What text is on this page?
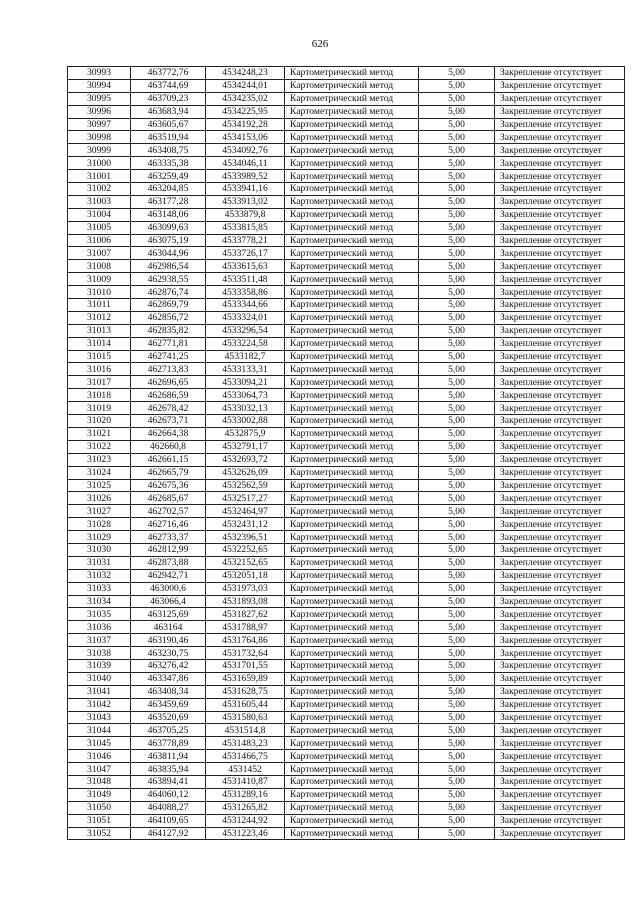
626
30993	463772,76	4534248,23	Картометрический метод	5,00	Закрепление отсутствует
30994	463744,69	4534244,01	Картометрический метод	5,00	Закрепление отсутствует
30995	463709,23	4534235,02	Картометрический метод	5,00	Закрепление отсутствует
30996	463683,94	4534225,95	Картометрический метод	5,00	Закрепление отсутствует
30997	463605,67	4534192,28	Картометрический метод	5,00	Закрепление отсутствует
30998	463519,94	4534153,06	Картометрический метод	5,00	Закрепление отсутствует
30999	463408,75	4534092,76	Картометрический метод	5,00	Закрепление отсутствует
31000	463335,38	4534046,11	Картометрический метод	5,00	Закрепление отсутствует
31001	463259,49	4533989,52	Картометрический метод	5,00	Закрепление отсутствует
31002	463204,85	4533941,16	Картометрический метод	5,00	Закрепление отсутствует
31003	463177,28	4533913,02	Картометрический метод	5,00	Закрепление отсутствует
31004	463148,06	4533879,8	Картометрический метод	5,00	Закрепление отсутствует
31005	463099,63	4533815,85	Картометрический метод	5,00	Закрепление отсутствует
31006	463075,19	4533778,21	Картометрический метод	5,00	Закрепление отсутствует
31007	463044,96	4533726,17	Картометрический метод	5,00	Закрепление отсутствует
31008	462986,54	4533615,63	Картометрический метод	5,00	Закрепление отсутствует
31009	462938,55	4533511,48	Картометрический метод	5,00	Закрепление отсутствует
31010	462876,74	4533358,86	Картометрический метод	5,00	Закрепление отсутствует
31011	462869,79	4533344,66	Картометрический метод	5,00	Закрепление отсутствует
31012	462856,72	4533324,01	Картометрический метод	5,00	Закрепление отсутствует
31013	462835,82	4533296,54	Картометрический метод	5,00	Закрепление отсутствует
31014	462771,81	4533224,58	Картометрический метод	5,00	Закрепление отсутствует
31015	462741,25	4533182,7	Картометрический метод	5,00	Закрепление отсутствует
31016	462713,83	4533133,31	Картометрический метод	5,00	Закрепление отсутствует
31017	462696,65	4533094,21	Картометрический метод	5,00	Закрепление отсутствует
31018	462686,59	4533064,73	Картометрический метод	5,00	Закрепление отсутствует
31019	462678,42	4533032,13	Картометрический метод	5,00	Закрепление отсутствует
31020	462673,71	4533002,88	Картометрический метод	5,00	Закрепление отсутствует
31021	462664,38	4532875,9	Картометрический метод	5,00	Закрепление отсутствует
31022	462660,8	4532791,17	Картометрический метод	5,00	Закрепление отсутствует
31023	462661,15	4532693,72	Картометрический метод	5,00	Закрепление отсутствует
31024	462665,79	4532626,09	Картометрический метод	5,00	Закрепление отсутствует
31025	462675,36	4532562,59	Картометрический метод	5,00	Закрепление отсутствует
31026	462685,67	4532517,27	Картометрический метод	5,00	Закрепление отсутствует
31027	462702,57	4532464,97	Картометрический метод	5,00	Закрепление отсутствует
31028	462716,46	4532431,12	Картометрический метод	5,00	Закрепление отсутствует
31029	462733,37	4532396,51	Картометрический метод	5,00	Закрепление отсутствует
31030	462812,99	4532252,65	Картометрический метод	5,00	Закрепление отсутствует
31031	462873,88	4532152,65	Картометрический метод	5,00	Закрепление отсутствует
31032	462942,71	4532051,18	Картометрический метод	5,00	Закрепление отсутствует
31033	463000,6	4531973,03	Картометрический метод	5,00	Закрепление отсутствует
31034	463066,4	4531893,08	Картометрический метод	5,00	Закрепление отсутствует
31035	463125,69	4531827,62	Картометрический метод	5,00	Закрепление отсутствует
31036	463164	4531788,97	Картометрический метод	5,00	Закрепление отсутствует
31037	463190,46	4531764,86	Картометрический метод	5,00	Закрепление отсутствует
31038	463230,75	4531732,64	Картометрический метод	5,00	Закрепление отсутствует
31039	463276,42	4531701,55	Картометрический метод	5,00	Закрепление отсутствует
31040	463347,86	4531659,89	Картометрический метод	5,00	Закрепление отсутствует
31041	463408,34	4531628,75	Картометрический метод	5,00	Закрепление отсутствует
31042	463459,69	4531605,44	Картометрический метод	5,00	Закрепление отсутствует
31043	463520,69	4531580,63	Картометрический метод	5,00	Закрепление отсутствует
31044	463705,25	4531514,8	Картометрический метод	5,00	Закрепление отсутствует
31045	463778,89	4531483,23	Картометрический метод	5,00	Закрепление отсутствует
31046	463811,94	4531466,75	Картометрический метод	5,00	Закрепление отсутствует
31047	463835,94	4531452	Картометрический метод	5,00	Закрепление отсутствует
31048	463894,41	4531410,87	Картометрический метод	5,00	Закрепление отсутствует
31049	464060,12	4531289,16	Картометрический метод	5,00	Закрепление отсутствует
31050	464088,27	4531265,82	Картометрический метод	5,00	Закрепление отсутствует
31051	464109,65	4531244,92	Картометрический метод	5,00	Закрепление отсутствует
31052	464127,92	4531223,46	Картометрический метод	5,00	Закрепление отсутствует
